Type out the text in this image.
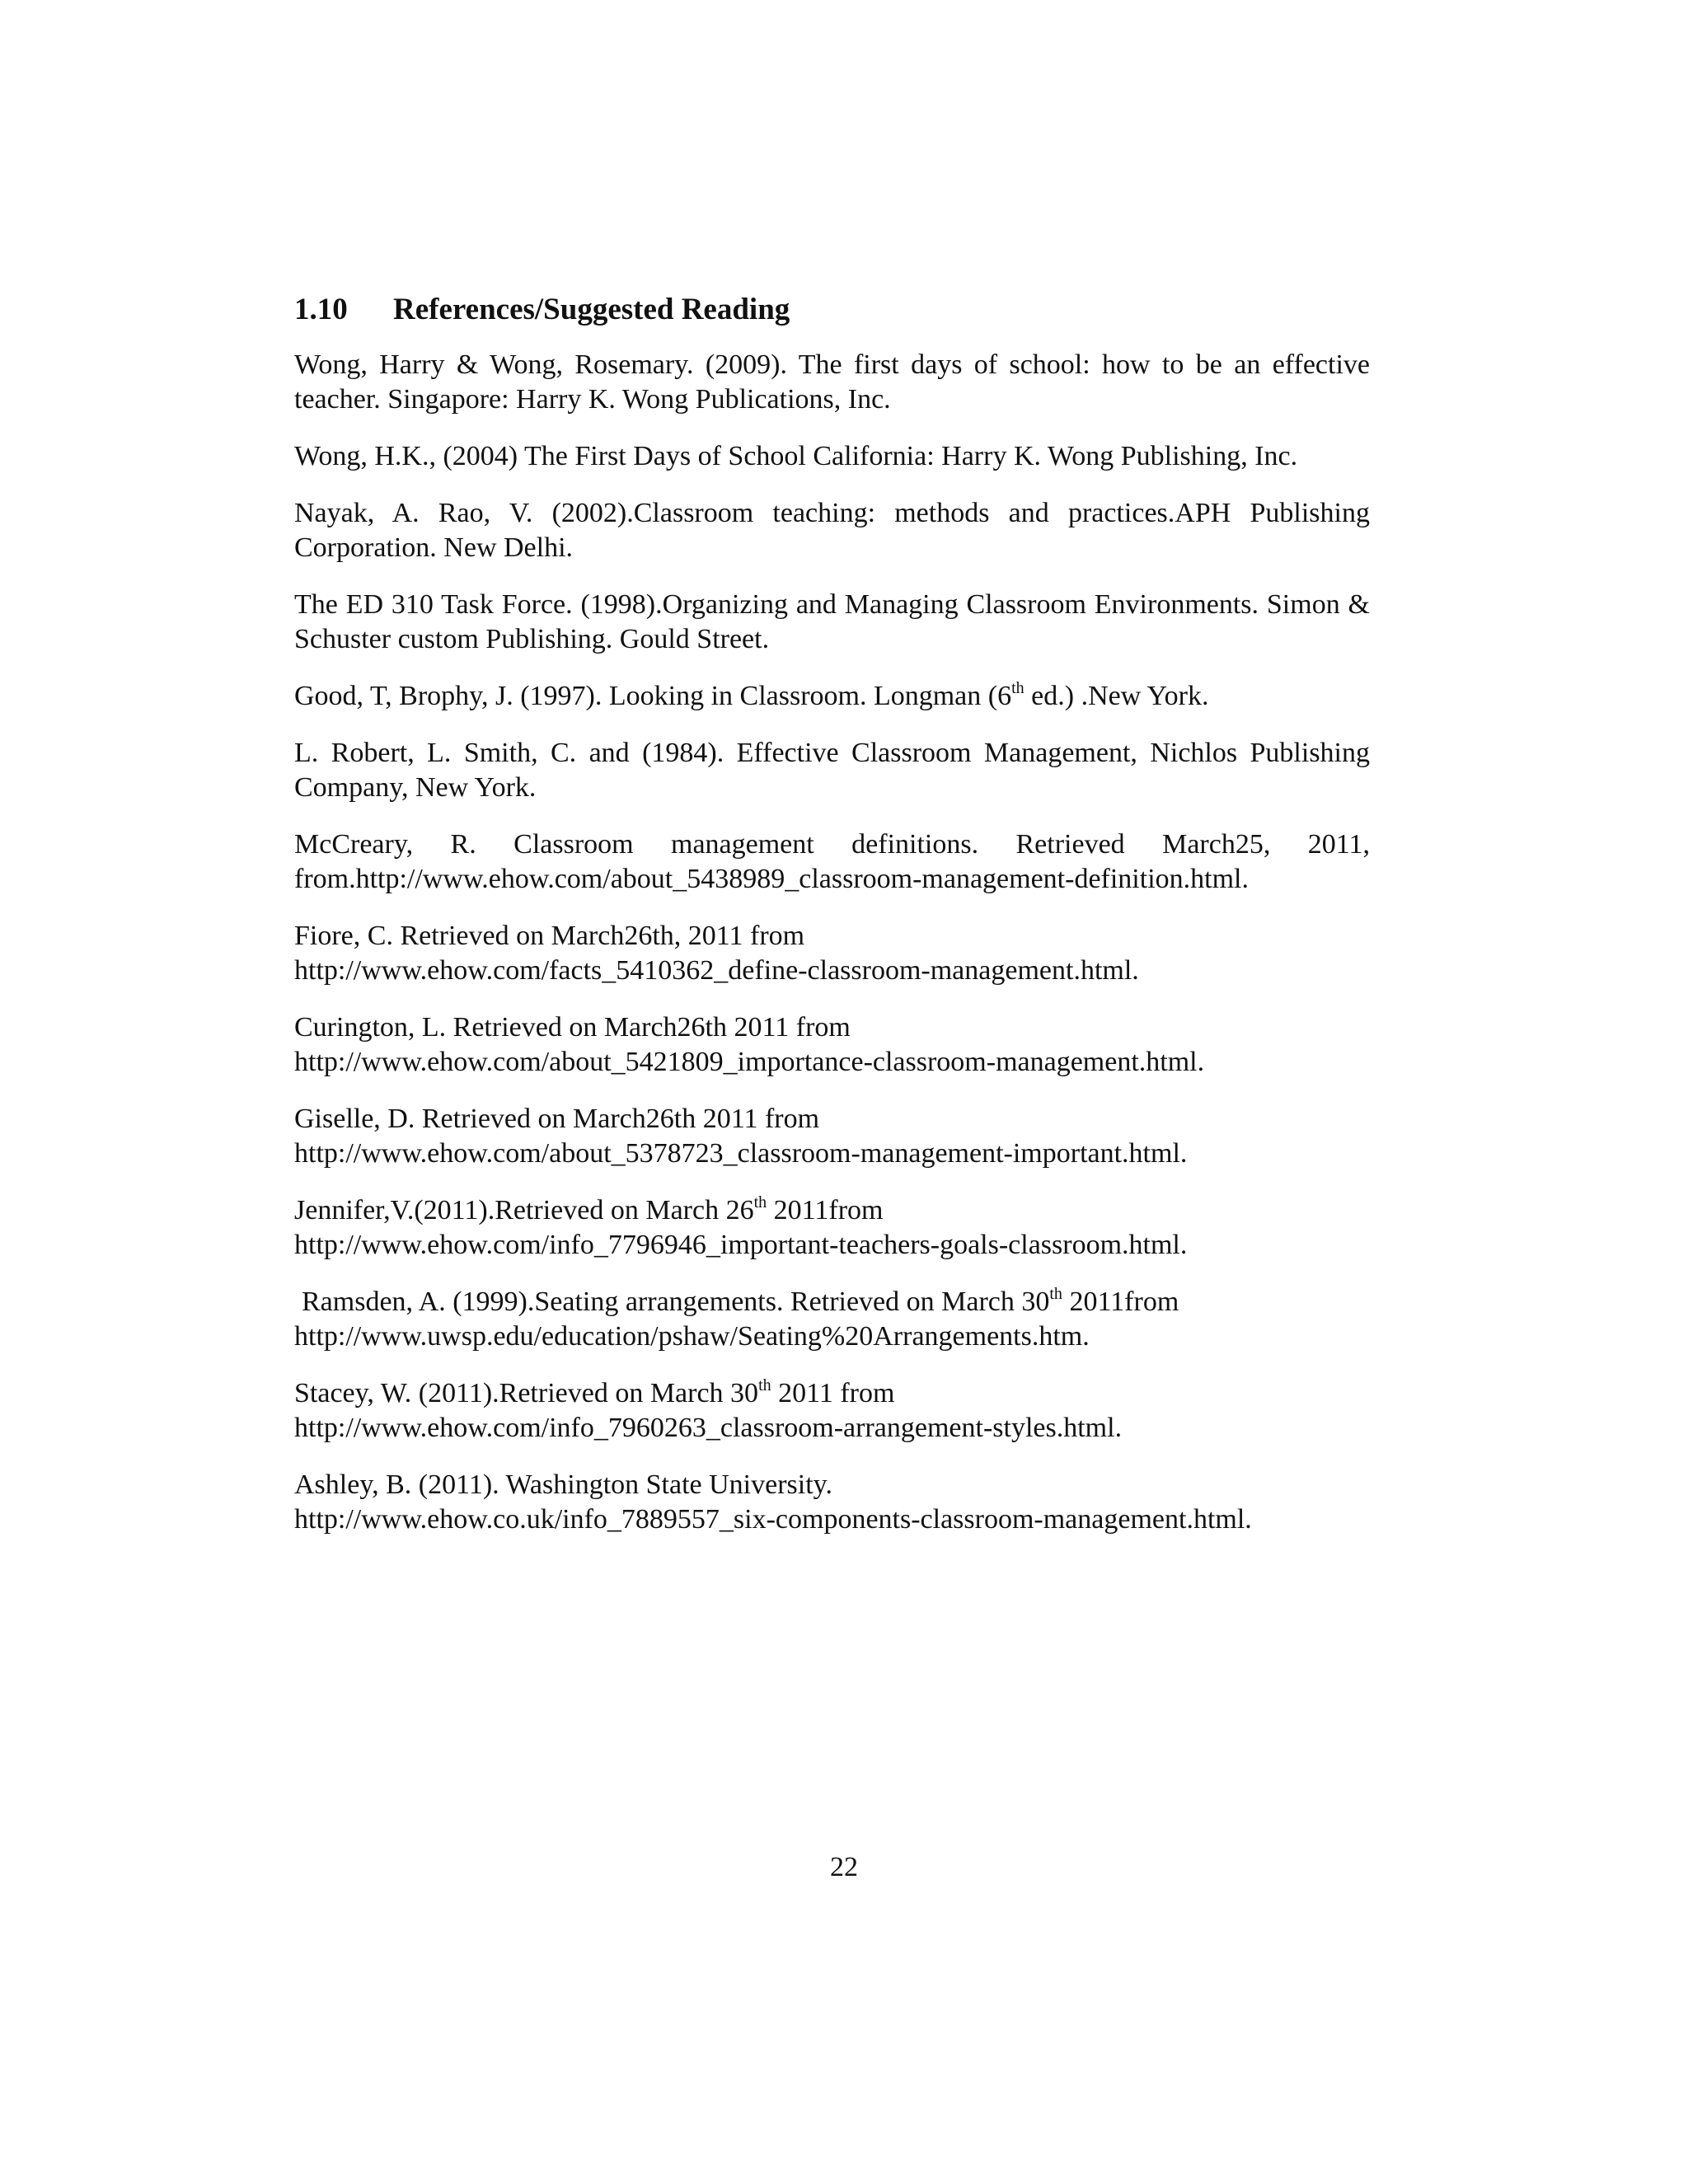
1.10 References/Suggested Reading

Wong, Harry & Wong, Rosemary. (2009). The first days of school: how to be an effective teacher. Singapore: Harry K. Wong Publications, Inc.

Wong, H.K., (2004) The First Days of School California: Harry K. Wong Publishing, Inc.

Nayak, A. Rao, V. (2002).Classroom teaching: methods and practices.APH Publishing Corporation. New Delhi.

The ED 310 Task Force. (1998).Organizing and Managing Classroom Environments. Simon & Schuster custom Publishing. Gould Street.

Good, T, Brophy, J. (1997). Looking in Classroom. Longman (6th ed.) .New York.

L. Robert, L. Smith, C. and (1984). Effective Classroom Management, Nichlos Publishing Company, New York.

McCreary, R. Classroom management definitions. Retrieved March25, 2011,

from.http://www.ehow.com/about_5438989_classroom-management-definition.html.

Fiore, C. Retrieved on March26th, 2011 from

http://www.ehow.com/facts_5410362_define-classroom-management.html.

Curington, L. Retrieved on March26th 2011 from

http://www.ehow.com/about_5421809_importance-classroom-management.html.

Giselle, D. Retrieved on March26th 2011 from

http://www.ehow.com/about_5378723_classroom-management-important.html.

Jennifer,V.(2011).Retrieved on March 26th 2011from

http://www.ehow.com/info_7796946_important-teachers-goals-classroom.html.

Ramsden, A. (1999).Seating arrangements. Retrieved on March 30th 2011from

http://www.uwsp.edu/education/pshaw/Seating%20Arrangements.htm.

Stacey, W. (2011).Retrieved on March 30th 2011 from

http://www.ehow.com/info_7960263_classroom-arrangement-styles.html.

Ashley, B. (2011). Washington State University.

http://www.ehow.co.uk/info_7889557_six-components-classroom-management.html.

22
